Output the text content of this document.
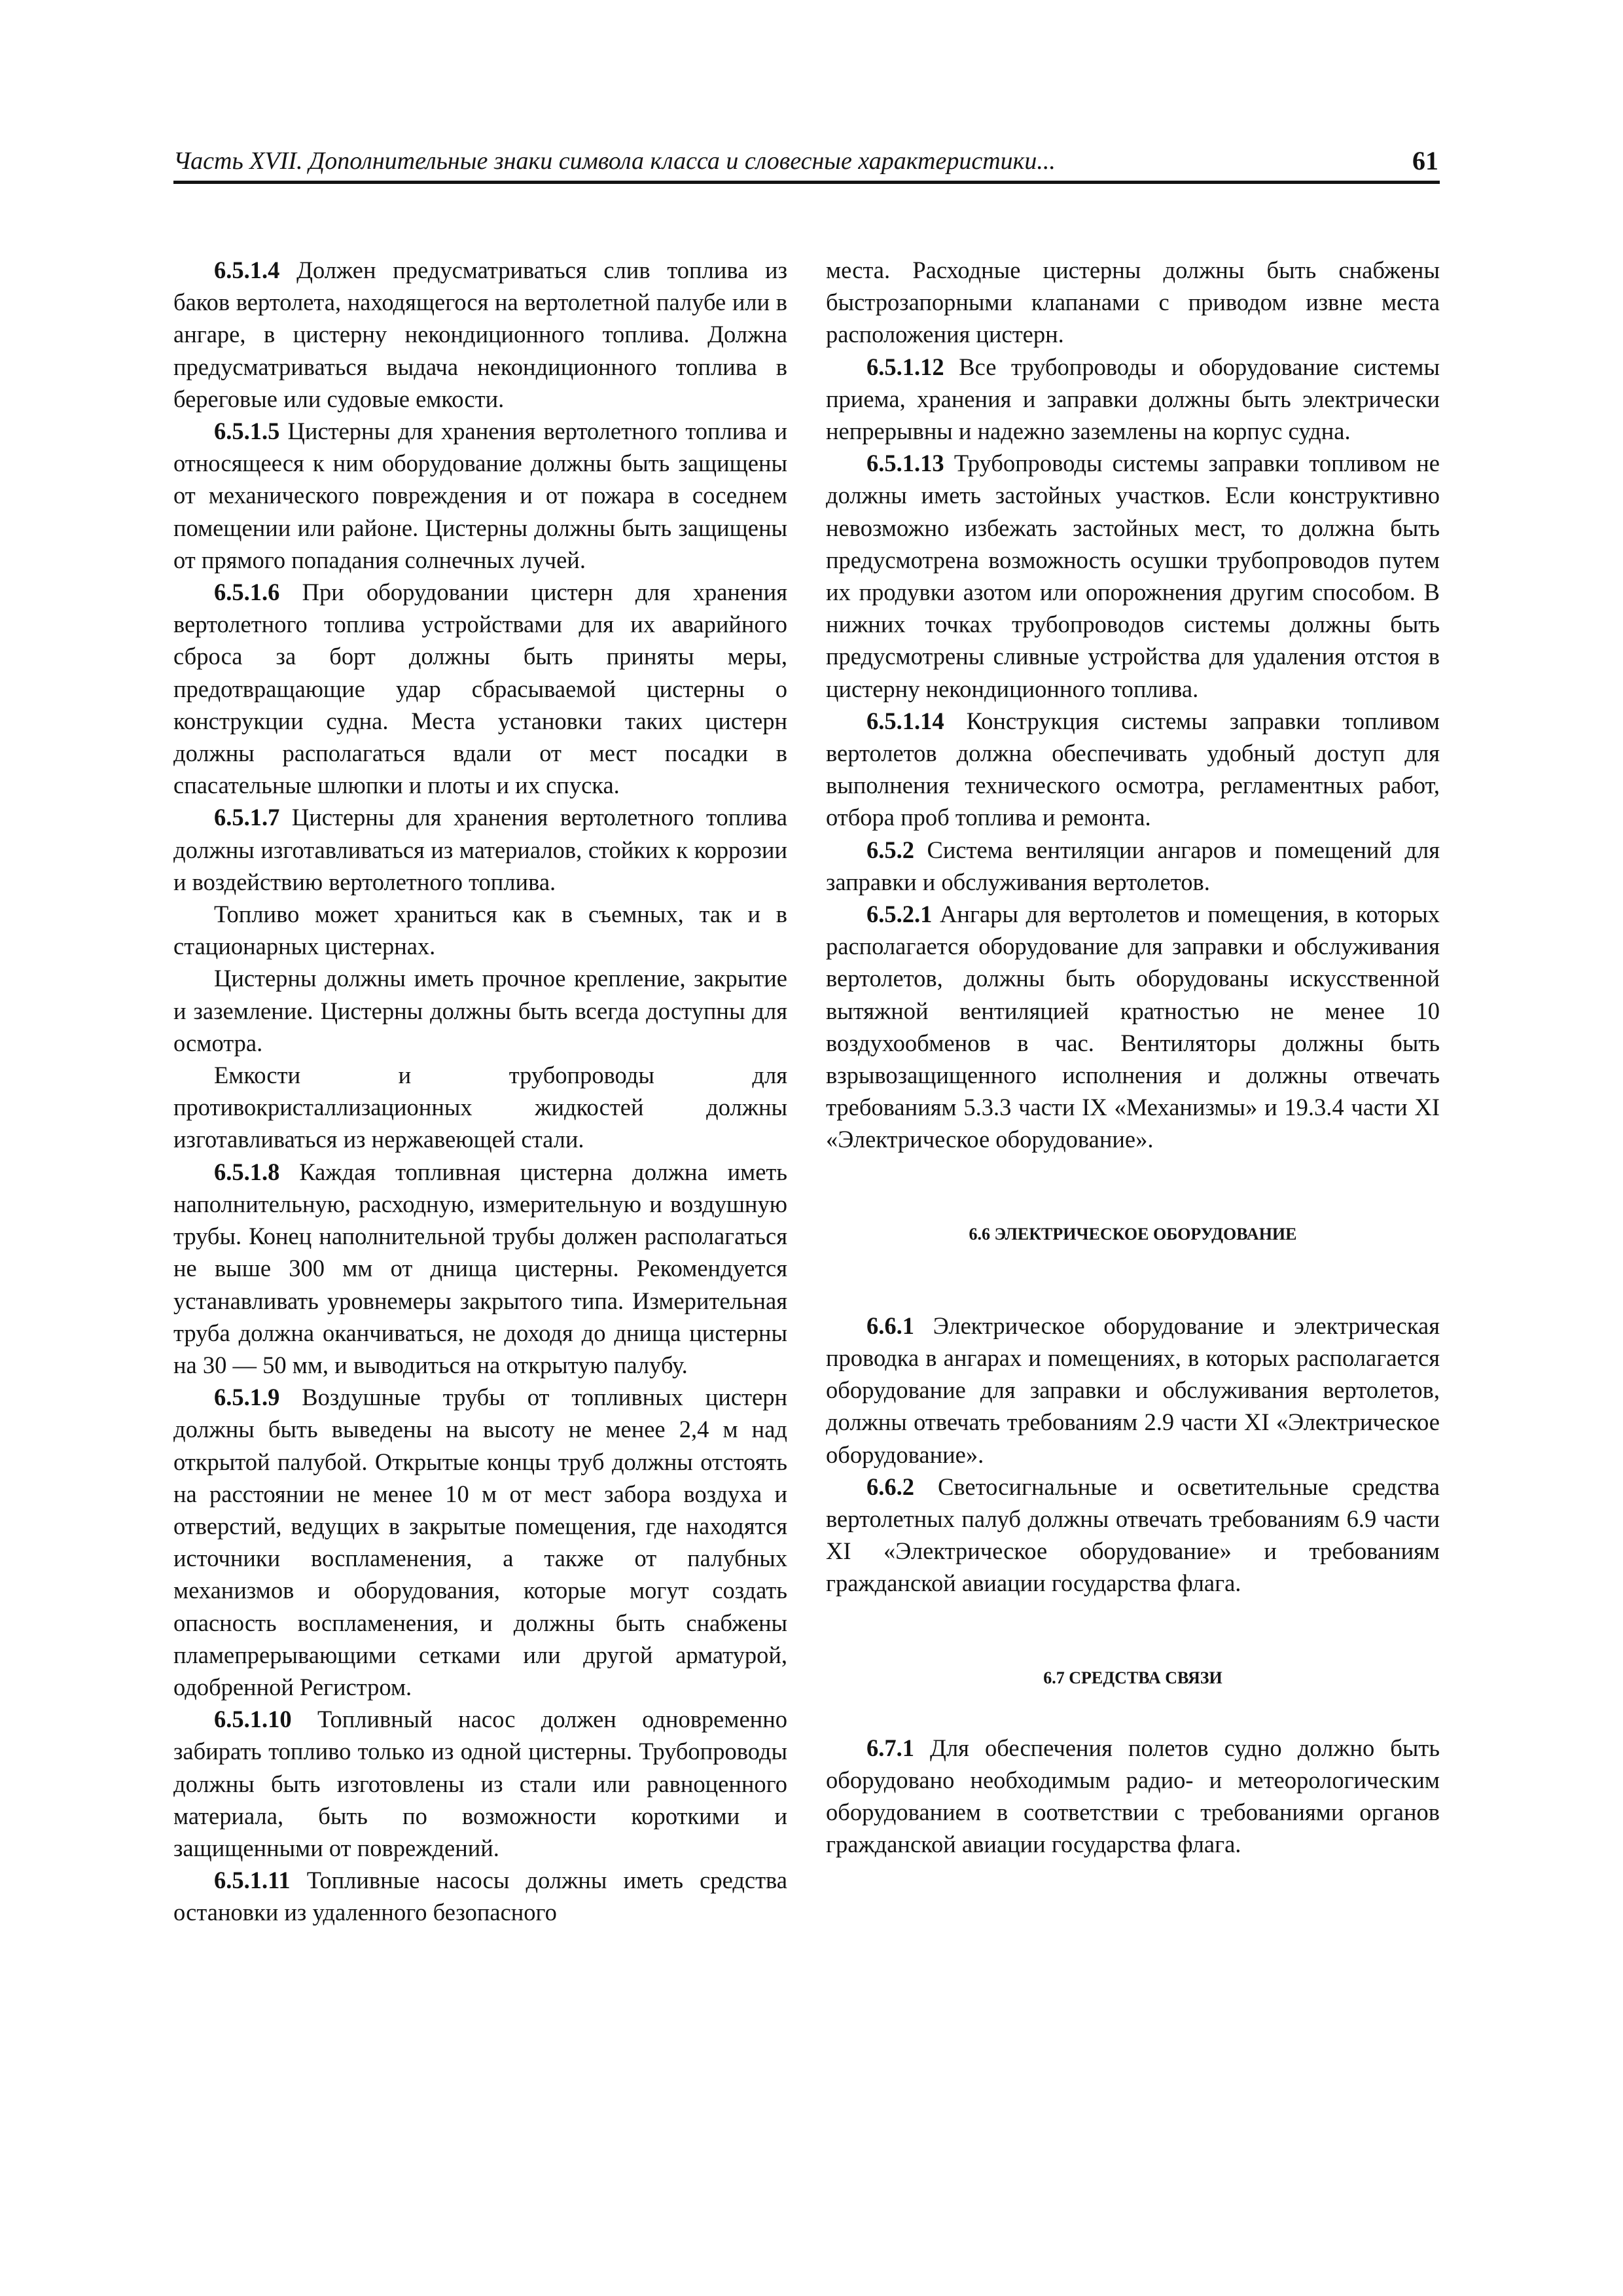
Часть XVII. Дополнительные знаки символа класса и словесные характеристики...	61

6.5.1.4 Должен предусматриваться слив топлива из баков вертолета, находящегося на вертолетной палубе или в ангаре, в цистерну некондиционного топлива. Должна предусматриваться выдача некондиционного топлива в береговые или судовые емкости.

6.5.1.5 Цистерны для хранения вертолетного топлива и относящееся к ним оборудование должны быть защищены от механического повреждения и от пожара в соседнем помещении или районе. Цистерны должны быть защищены от прямого попадания солнечных лучей.

6.5.1.6 При оборудовании цистерн для хранения вертолетного топлива устройствами для их аварийного сброса за борт должны быть приняты меры, предотвращающие удар сбрасываемой цистерны о конструкции судна. Места установки таких цистерн должны располагаться вдали от мест посадки в спасательные шлюпки и плоты и их спуска.

6.5.1.7 Цистерны для хранения вертолетного топлива должны изготавливаться из материалов, стойких к коррозии и воздействию вертолетного топлива.

Топливо может храниться как в съемных, так и в стационарных цистернах.

Цистерны должны иметь прочное крепление, закрытие и заземление. Цистерны должны быть всегда доступны для осмотра.

Емкости и трубопроводы для противокристаллизационных жидкостей должны изготавливаться из нержавеющей стали.

6.5.1.8 Каждая топливная цистерна должна иметь наполнительную, расходную, измерительную и воздушную трубы. Конец наполнительной трубы должен располагаться не выше 300 мм от днища цистерны. Рекомендуется устанавливать уровнемеры закрытого типа. Измерительная труба должна оканчиваться, не доходя до днища цистерны на 30 — 50 мм, и выводиться на открытую палубу.

6.5.1.9 Воздушные трубы от топливных цистерн должны быть выведены на высоту не менее 2,4 м над открытой палубой. Открытые концы труб должны отстоять на расстоянии не менее 10 м от мест забора воздуха и отверстий, ведущих в закрытые помещения, где находятся источники воспламенения, а также от палубных механизмов и оборудования, которые могут создать опасность воспламенения, и должны быть снабжены пламепрерывающими сетками или другой арматурой, одобренной Регистром.

6.5.1.10 Топливный насос должен одновременно забирать топливо только из одной цистерны. Трубопроводы должны быть изготовлены из стали или равноценного материала, быть по возможности короткими и защищенными от повреждений.

6.5.1.11 Топливные насосы должны иметь средства остановки из удаленного безопасного

места. Расходные цистерны должны быть снабжены быстрозапорными клапанами с приводом извне места расположения цистерн.

6.5.1.12 Все трубопроводы и оборудование системы приема, хранения и заправки должны быть электрически непрерывны и надежно заземлены на корпус судна.

6.5.1.13 Трубопроводы системы заправки топливом не должны иметь застойных участков. Если конструктивно невозможно избежать застойных мест, то должна быть предусмотрена возможность осушки трубопроводов путем их продувки азотом или опорожнения другим способом. В нижних точках трубопроводов системы должны быть предусмотрены сливные устройства для удаления отстоя в цистерну некондиционного топлива.

6.5.1.14 Конструкция системы заправки топливом вертолетов должна обеспечивать удобный доступ для выполнения технического осмотра, регламентных работ, отбора проб топлива и ремонта.

6.5.2 Система вентиляции ангаров и помещений для заправки и обслуживания вертолетов.

6.5.2.1 Ангары для вертолетов и помещения, в которых располагается оборудование для заправки и обслуживания вертолетов, должны быть оборудованы искусственной вытяжной вентиляцией кратностью не менее 10 воздухообменов в час. Вентиляторы должны быть взрывозащищенного исполнения и должны отвечать требованиям 5.3.3 части IX «Механизмы» и 19.3.4 части XI «Электрическое оборудование».

6.6 ЭЛЕКТРИЧЕСКОЕ ОБОРУДОВАНИЕ

6.6.1 Электрическое оборудование и электрическая проводка в ангарах и помещениях, в которых располагается оборудование для заправки и обслуживания вертолетов, должны отвечать требованиям 2.9 части XI «Электрическое оборудование».

6.6.2 Светосигнальные и осветительные средства вертолетных палуб должны отвечать требованиям 6.9 части XI «Электрическое оборудование» и требованиям гражданской авиации государства флага.

6.7 СРЕДСТВА СВЯЗИ

6.7.1 Для обеспечения полетов судно должно быть оборудовано необходимым радио- и метеорологическим оборудованием в соответствии с требованиями органов гражданской авиации государства флага.
